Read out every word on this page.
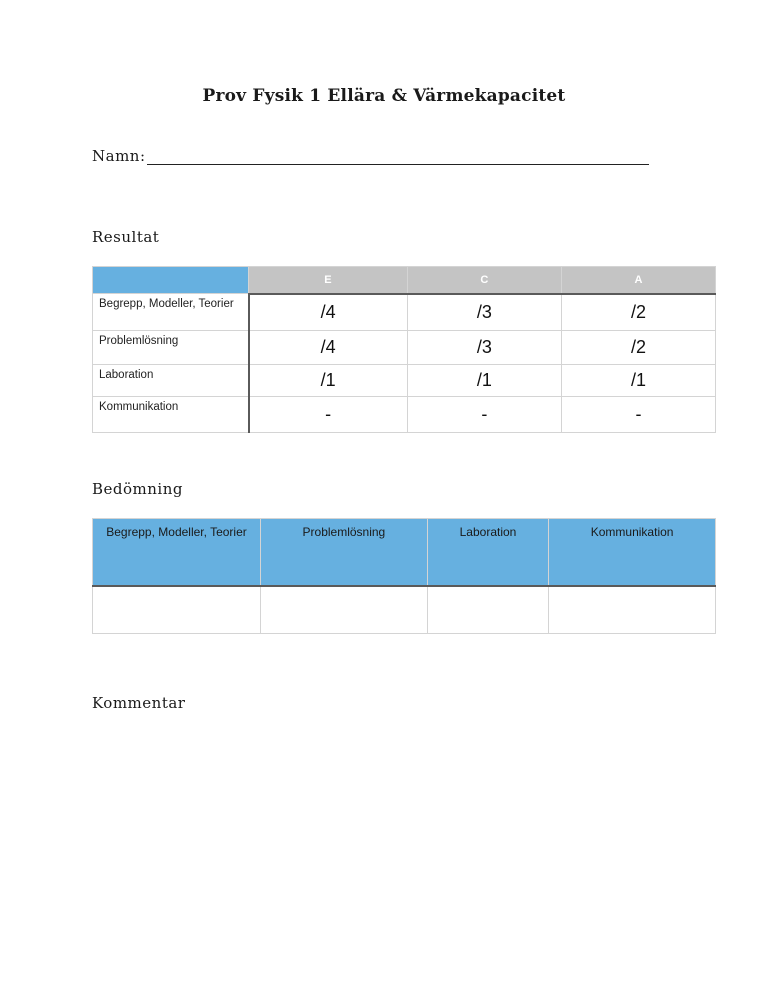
Prov Fysik 1 Ellära & Värmekapacitet
Namn:
Resultat
	E	C	A
Begrepp, Modeller, Teorier	/4	/3	/2
Problemlösning	/4	/3	/2
Laboration	/1	/1	/1
Kommunikation	-	-	-
Bedömning
Begrepp, Modeller, Teorier	Problemlösning	Laboration	Kommunikation

Kommentar
